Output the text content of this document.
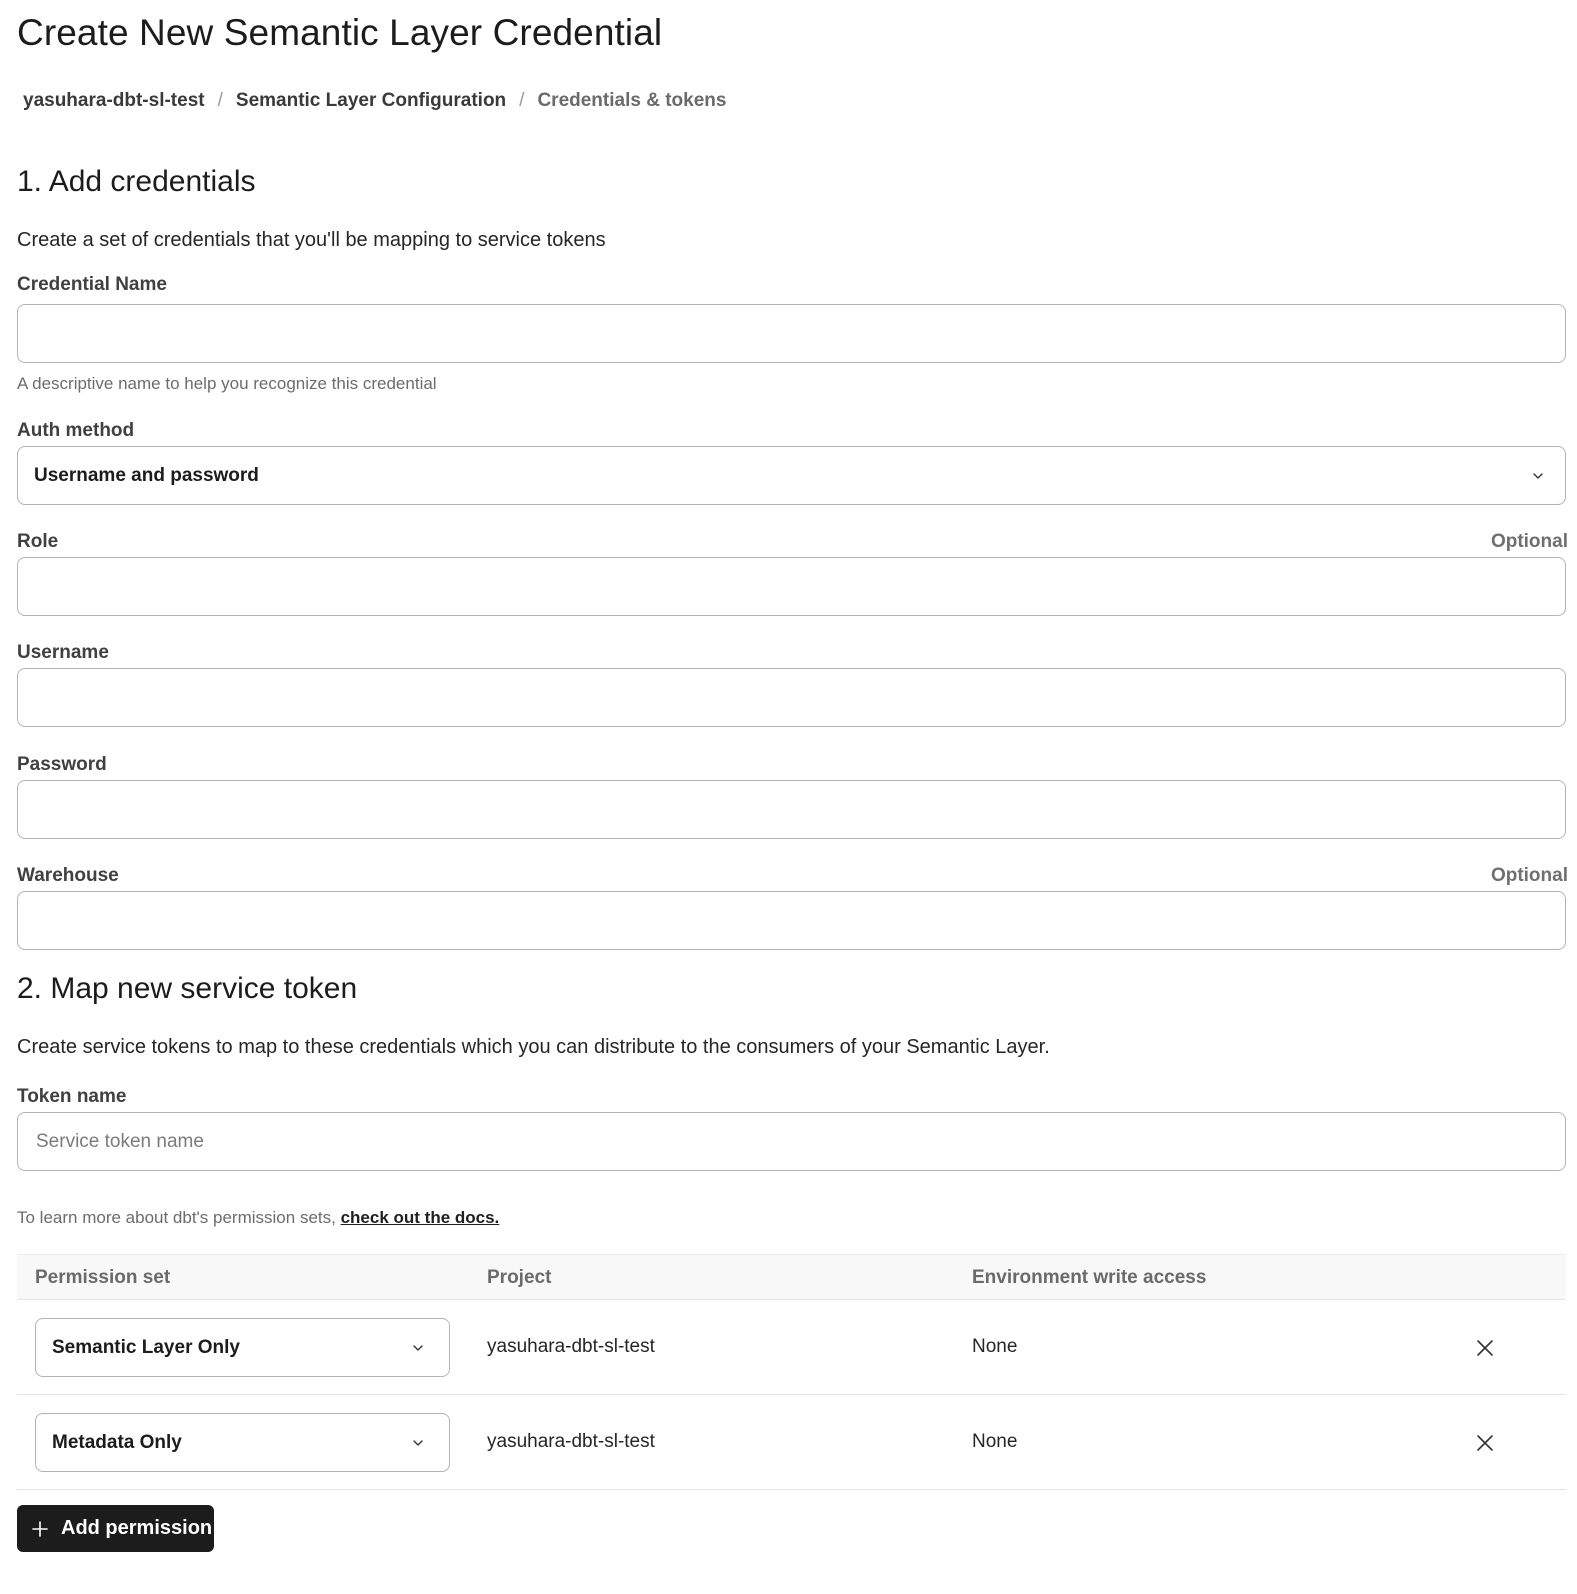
Create New Semantic Layer Credential
yasuhara-dbt-sl-test / Semantic Layer Configuration / Credentials & tokens
1. Add credentials

Create a set of credentials that you'll be mapping to service tokens

Credential Name
A descriptive name to help you recognize this credential
Auth method
Username and password
Role	Optional
Username
Password
Warehouse	Optional
2. Map new service token

Create service tokens to map to these credentials which you can distribute to the consumers of your Semantic Layer.

Token name
Service token name
To learn more about dbt's permission sets, check out the docs.
Permission set	Project	Environment write access
Semantic Layer Only	yasuhara-dbt-sl-test	None
Metadata Only	yasuhara-dbt-sl-test	None
Add permission
